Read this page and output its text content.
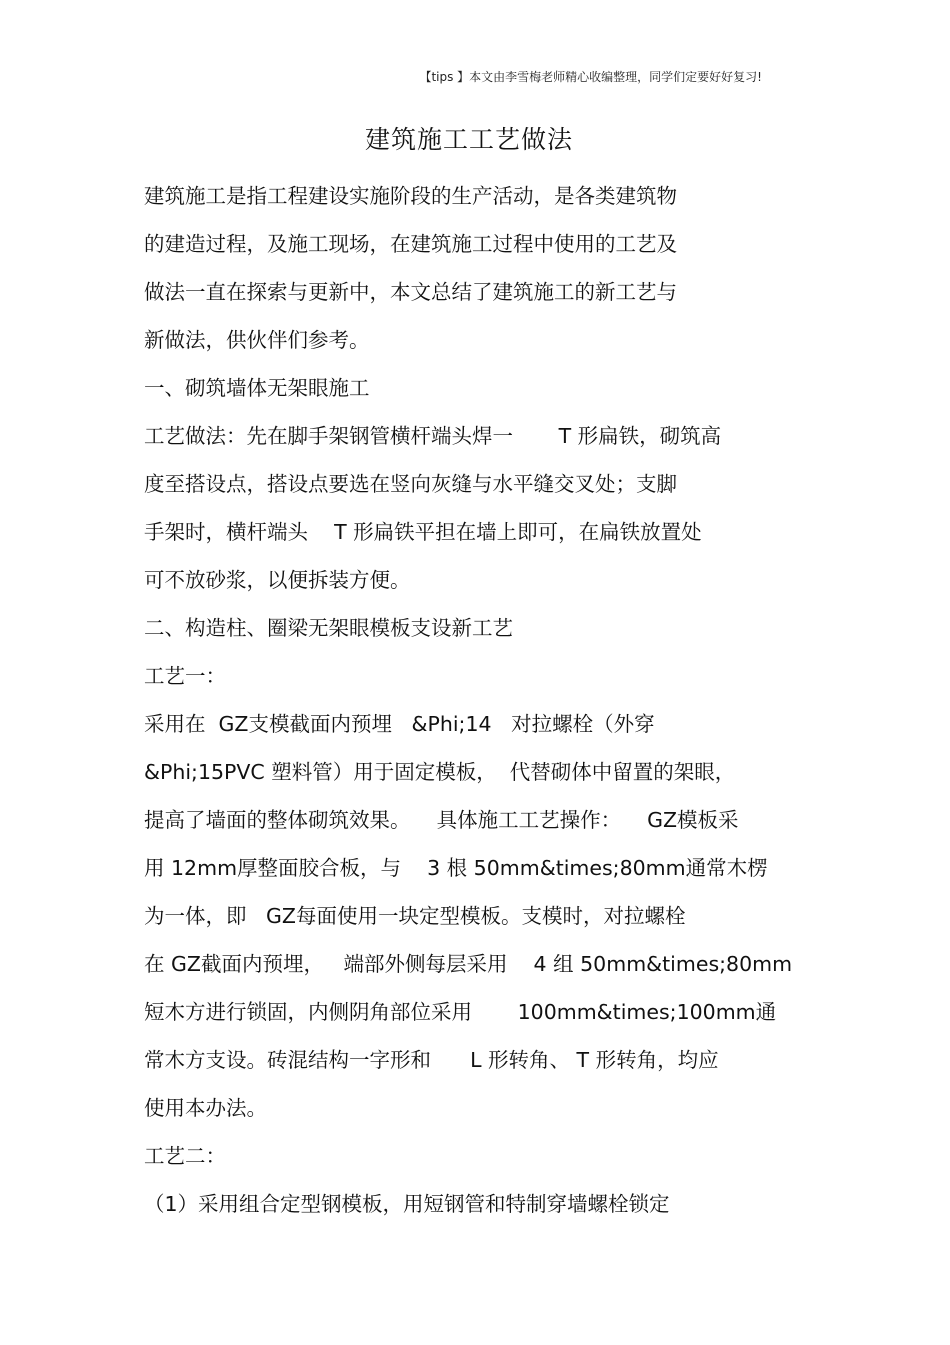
【tips 】本文由李雪梅老师精心收编整理，同学们定要好好复习!
建筑施工工艺做法
建筑施工是指工程建设实施阶段的生产活动，是各类建筑物
的建造过程，及施工现场，在建筑施工过程中使用的工艺及
做法一直在探索与更新中，本文总结了建筑施工的新工艺与
新做法，供伙伴们参考。
一、砌筑墙体无架眼施工
工艺做法：先在脚手架钢管横杆端头焊一       T 形扁铁，砌筑高
度至搭设点，搭设点要选在竖向灰缝与水平缝交叉处；支脚
手架时，横杆端头    T 形扁铁平担在墙上即可，在扁铁放置处
可不放砂浆，以便拆装方便。
二、构造柱、圈梁无架眼模板支设新工艺
工艺一：
采用在  GZ支模截面内预埋   &Phi;14   对拉螺栓（外穿
&Phi;15PVC 塑料管）用于固定模板，  代替砌体中留置的架眼，
提高了墙面的整体砌筑效果。    具体施工工艺操作：    GZ模板采
用 12mm厚整面胶合板，与    3 根 50mm&times;80mm通常木楞
为一体，即   GZ每面使用一块定型模板。支模时，对拉螺栓
在 GZ截面内预埋，   端部外侧每层采用    4 组 50mm&times;80mm
短木方进行锁固，内侧阴角部位采用       100mm&times;100mm通
常木方支设。砖混结构一字形和      L 形转角、 T 形转角，均应
使用本办法。
工艺二：
（1）采用组合定型钢模板，用短钢管和特制穿墙螺栓锁定
